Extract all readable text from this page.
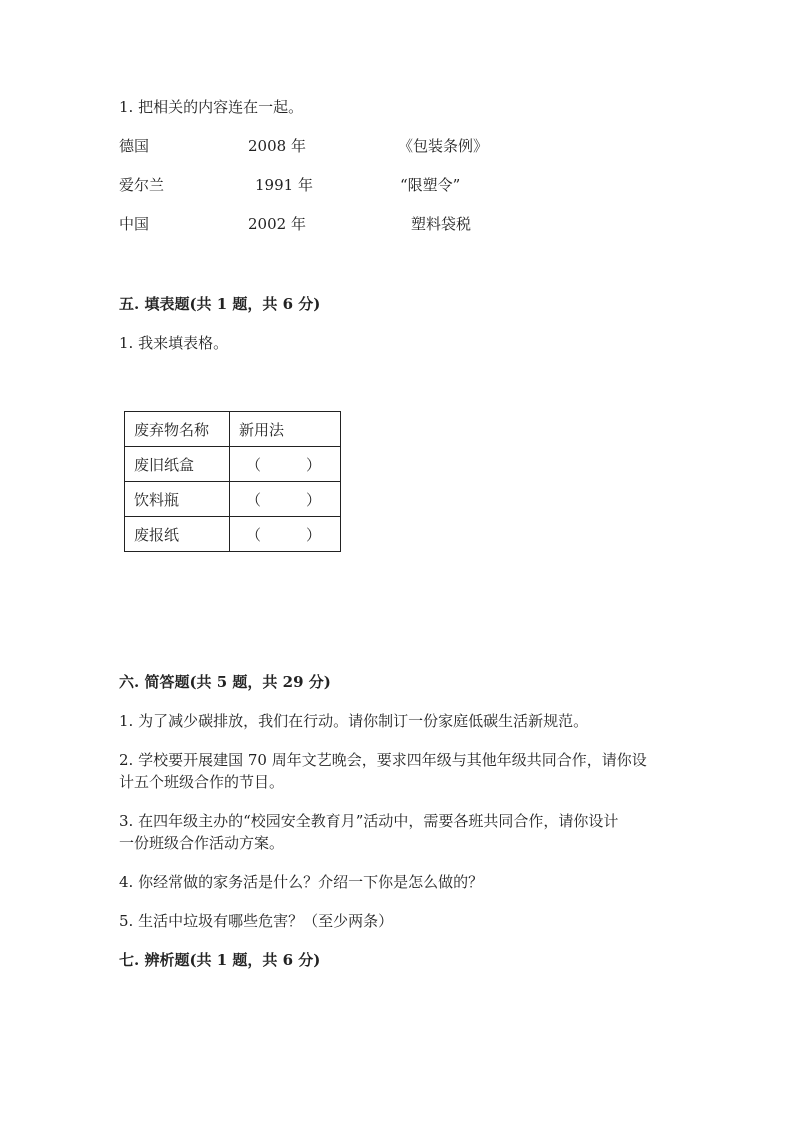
1. 把相关的内容连在一起。
德国	2008 年	《包装条例》
爱尔兰	1991 年	“限塑令”
中国	2002 年	塑料袋税
五. 填表题(共 1 题，共 6 分)
1. 我来填表格。
废弃物名称	新用法
废旧纸盒	（　　　）
饮料瓶	（　　　）
废报纸	（　　　）
六. 简答题(共 5 题，共 29 分)
1. 为了减少碳排放，我们在行动。请你制订一份家庭低碳生活新规范。
2. 学校要开展建国 70 周年文艺晚会，要求四年级与其他年级共同合作，请你设
计五个班级合作的节目。
3. 在四年级主办的“校园安全教育月”活动中，需要各班共同合作，请你设计
一份班级合作活动方案。
4. 你经常做的家务活是什么？介绍一下你是怎么做的？
5. 生活中垃圾有哪些危害？（至少两条）
七. 辨析题(共 1 题，共 6 分)
